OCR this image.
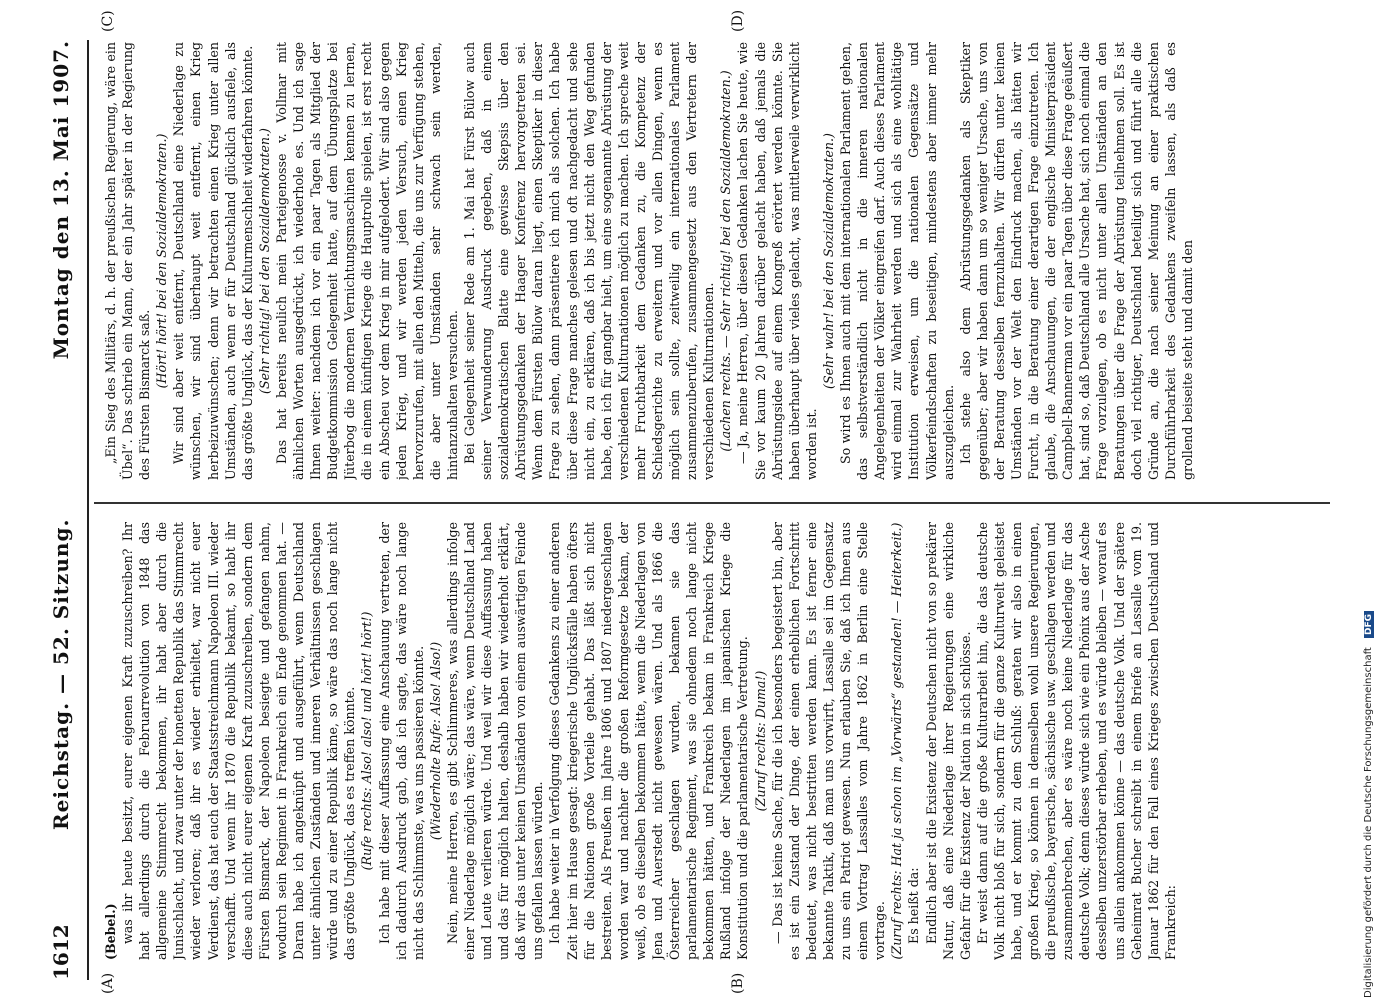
1612
Reichstag. — 52. Sitzung.
Montag den 13. Mai 1907.
(A)	(B)
(C)	(D)

(Bebel.) was ihr heute besitzt, eurer eigenen Kraft zuzuschreiben? Ihr habt allerdings durch die Februarrevolution von 1848 das allgemeine Stimmrecht bekommen, ihr habt aber durch die Junischlacht, und zwar unter der honetten Republik das Stimmrecht wieder verloren; daß ihr es wieder erhieltet, war nicht euer Verdienst, das hat euch der Staatsstreichmann Napoleon III. wieder verschafft. Und wenn ihr 1870 die Republik bekamt, so habt ihr diese auch nicht eurer eigenen Kraft zuzuschreiben, sondern dem Fürsten Bismarck, der Napoleon besiegte und gefangen nahm, wodurch sein Regiment in Frankreich ein Ende genommen hat. — Daran habe ich angeknüpft und ausgeführt, wenn Deutschland unter ähnlichen Zuständen und inneren Verhältnissen geschlagen würde und zu einer Republik käme, so wäre das noch lange nicht das größte Unglück, das es treffen könnte. (Rufe rechts: Also! also! und hört! hört!) Ich habe mit dieser Auffassung eine Anschauung vertreten, der ich dadurch Ausdruck gab, daß ich sagte, das wäre noch lange nicht das Schlimmste, was uns passieren könnte. (Wiederholte Rufe: Also! Also!) Nein, meine Herren, es gibt Schlimmeres, was allerdings infolge einer Niederlage möglich wäre; das wäre, wenn Deutschland Land und Leute verlieren würde. Und weil wir diese Auffassung haben und das für möglich halten, deshalb haben wir wiederholt erklärt, daß wir das unter keinen Umständen von einem auswärtigen Feinde uns gefallen lassen würden. Ich habe weiter in Verfolgung dieses Gedankens zu einer anderen Zeit hier im Hause gesagt: kriegerische Unglücksfälle haben öfters für die Nationen große Vorteile gehabt. Das läßt sich nicht bestreiten. Als Preußen im Jahre 1806 und 1807 niedergeschlagen worden war und nachher die großen Reformgesetze bekam, der weiß, ob es dieselben bekommen hätte, wenn die Niederlagen von Jena und Auerstedt nicht gewesen wären. Und als 1866 die Österreicher geschlagen wurden, bekamen sie das parlamentarische Regiment, was sie ohnedem noch lange nicht bekommen hätten, und Frankreich bekam in Frankreich Kriege Rußland infolge der Niederlagen im japanischen Kriege die Konstitution und die parlamentarische Vertretung. (Zuruf rechts: Duma!) — Das ist keine Sache, für die ich besonders begeistert bin, aber es ist ein Zustand der Dinge, der einen erheblichen Fortschritt bedeutet, was nicht bestritten werden kann. Es ist ferner eine bekannte Taktik, daß man uns vorwirft, Lassalle sei im Gegensatz zu uns ein Patriot gewesen. Nun erlauben Sie, daß ich Ihnen aus einem Vortrag Lassalles vom Jahre 1862 in Berlin eine Stelle vortrage. (Zuruf rechts: Hat ja schon im „Vorwärts“ gestanden! — Heiterkeit.) Es heißt da: Endlich aber ist die Existenz der Deutschen nicht von so prekärer Natur, daß eine Niederlage ihrer Regierungen eine wirkliche Gefahr für die Existenz der Nation in sich schlösse. Er weist dann auf die große Kulturarbeit hin, die das deutsche Volk nicht bloß für sich, sondern für die ganze Kulturwelt geleistet habe, und er kommt zu dem Schluß: geraten wir also in einen großen Krieg, so können in demselben wohl unsere Regierungen, die preußische, bayerische, sächsische usw. geschlagen werden und zusammenbrechen, aber es wäre noch keine Niederlage für das deutsche Volk; denn dieses würde sich wie ein Phönix aus der Asche desselben unzerstörbar erheben, und es würde bleiben — worauf es uns allein ankommen könne — das deutsche Volk. Und der spätere Geheimrat Bucher schreibt in einem Briefe an Lassalle vom 19. Januar 1862 für den Fall eines Krieges zwischen Deutschland und Frankreich:

„Ein Sieg des Militärs, d. h. der preußischen Regierung, wäre ein Übel“. Das schrieb ein Mann, der ein Jahr später in der Regierung des Fürsten Bismarck saß.

(Hört! hört! bei den Sozialdemokraten.) Wir sind aber weit entfernt, Deutschland eine Niederlage zu wünschen, wir sind überhaupt weit entfernt, einen Krieg herbeizuwünschen; denn wir betrachten einen Krieg unter allen Umständen, auch wenn er für Deutschland glücklich ausfiele, als das größte Unglück, das der Kulturmenschheit widerfahren könnte. (Sehr richtig! bei den Sozialdemokraten.) Das hat bereits neulich mein Parteigenosse v. Vollmar mit ähnlichen Worten ausgedrückt, ich wiederhole es. Und ich sage Ihnen weiter: nachdem ich vor ein paar Tagen als Mitglied der Budgetkommission Gelegenheit hatte, auf dem Übungsplatze bei Jüterbog die modernen Vernichtungsmaschinen kennen zu lernen, die in einem künftigen Kriege die Hauptrolle spielen, ist erst recht ein Abscheu vor dem Krieg in mir aufgelodert. Wir sind also gegen jeden Krieg, und wir werden jeden Versuch, einen Krieg hervorzurufen, mit allen den Mitteln, die uns zur Verfügung stehen, die aber unter Umständen sehr schwach sein werden, hintanzuhalten versuchen. Bei Gelegenheit seiner Rede am 1. Mai hat Fürst Bülow auch seiner Verwunderung Ausdruck gegeben, daß in einem sozialdemokratischen Blatte eine gewisse Skepsis über den Abrüstungsgedanken der Haager Konferenz hervorgetreten sei. Wenn dem Fürsten Bülow daran liegt, einen Skeptiker in dieser Frage zu sehen, dann präsentiere ich mich als solchen. Ich habe über diese Frage manches gelesen und oft nachgedacht und sehe nicht ein, zu erklären, daß ich bis jetzt nicht den Weg gefunden habe, den ich für gangbar hielt, um eine sogenannte Abrüstung der verschiedenen Kulturnationen möglich zu machen. Ich spreche weit mehr Fruchtbarkeit dem Gedanken zu, die Kompetenz der Schiedsgerichte zu erweitern und vor allen Dingen, wenn es möglich sein sollte, zeitweilig ein internationales Parlament zusammenzuberufen, zusammengesetzt aus den Vertretern der verschiedenen Kulturnationen. (Lachen rechts. — Sehr richtig! bei den Sozialdemokraten.) — Ja, meine Herren, über diesen Gedanken lachen Sie heute, wie Sie vor kaum 20 Jahren darüber gelacht haben, daß jemals die Abrüstungsidee auf einem Kongreß erörtert werden könnte. Sie haben überhaupt über vieles gelacht, was mittlerweile verwirklicht worden ist.

(Sehr wahr! bei den Sozialdemokraten.) So wird es Ihnen auch mit dem internationalen Parlament gehen, das selbstverständlich nicht in die inneren nationalen Angelegenheiten der Völker eingreifen darf. Auch dieses Parlament wird einmal zur Wahrheit werden und sich als eine wohltätige Institution erweisen, um die nationalen Gegensätze und Völkerfeindschaften zu beseitigen, mindestens aber immer mehr auszugleichen. Ich stehe also dem Abrüstungsgedanken als Skeptiker gegenüber; aber wir haben dann um so weniger Ursache, uns von der Beratung desselben fernzuhalten. Wir dürfen unter keinen Umständen vor der Welt den Eindruck machen, als hätten wir Furcht, in die Beratung einer derartigen Frage einzutreten. Ich glaube, die Anschauungen, die der englische Ministerpräsident Campbell-Bannerman vor ein paar Tagen über diese Frage geäußert hat, sind so, daß Deutschland alle Ursache hat, sich noch einmal die Frage vorzulegen, ob es nicht unter allen Umständen an den Beratungen über die Frage der Abrüstung teilnehmen soll. Es ist doch viel richtiger, Deutschland beteiligt sich und führt alle die Gründe an, die nach seiner Meinung an einer praktischen Durchführbarkeit des Gedankens zweifeln lassen, als daß es grollend beiseite steht und damit den

Digitalisierung gefördert durch die Deutsche Forschungsgemeinschaft DFG
